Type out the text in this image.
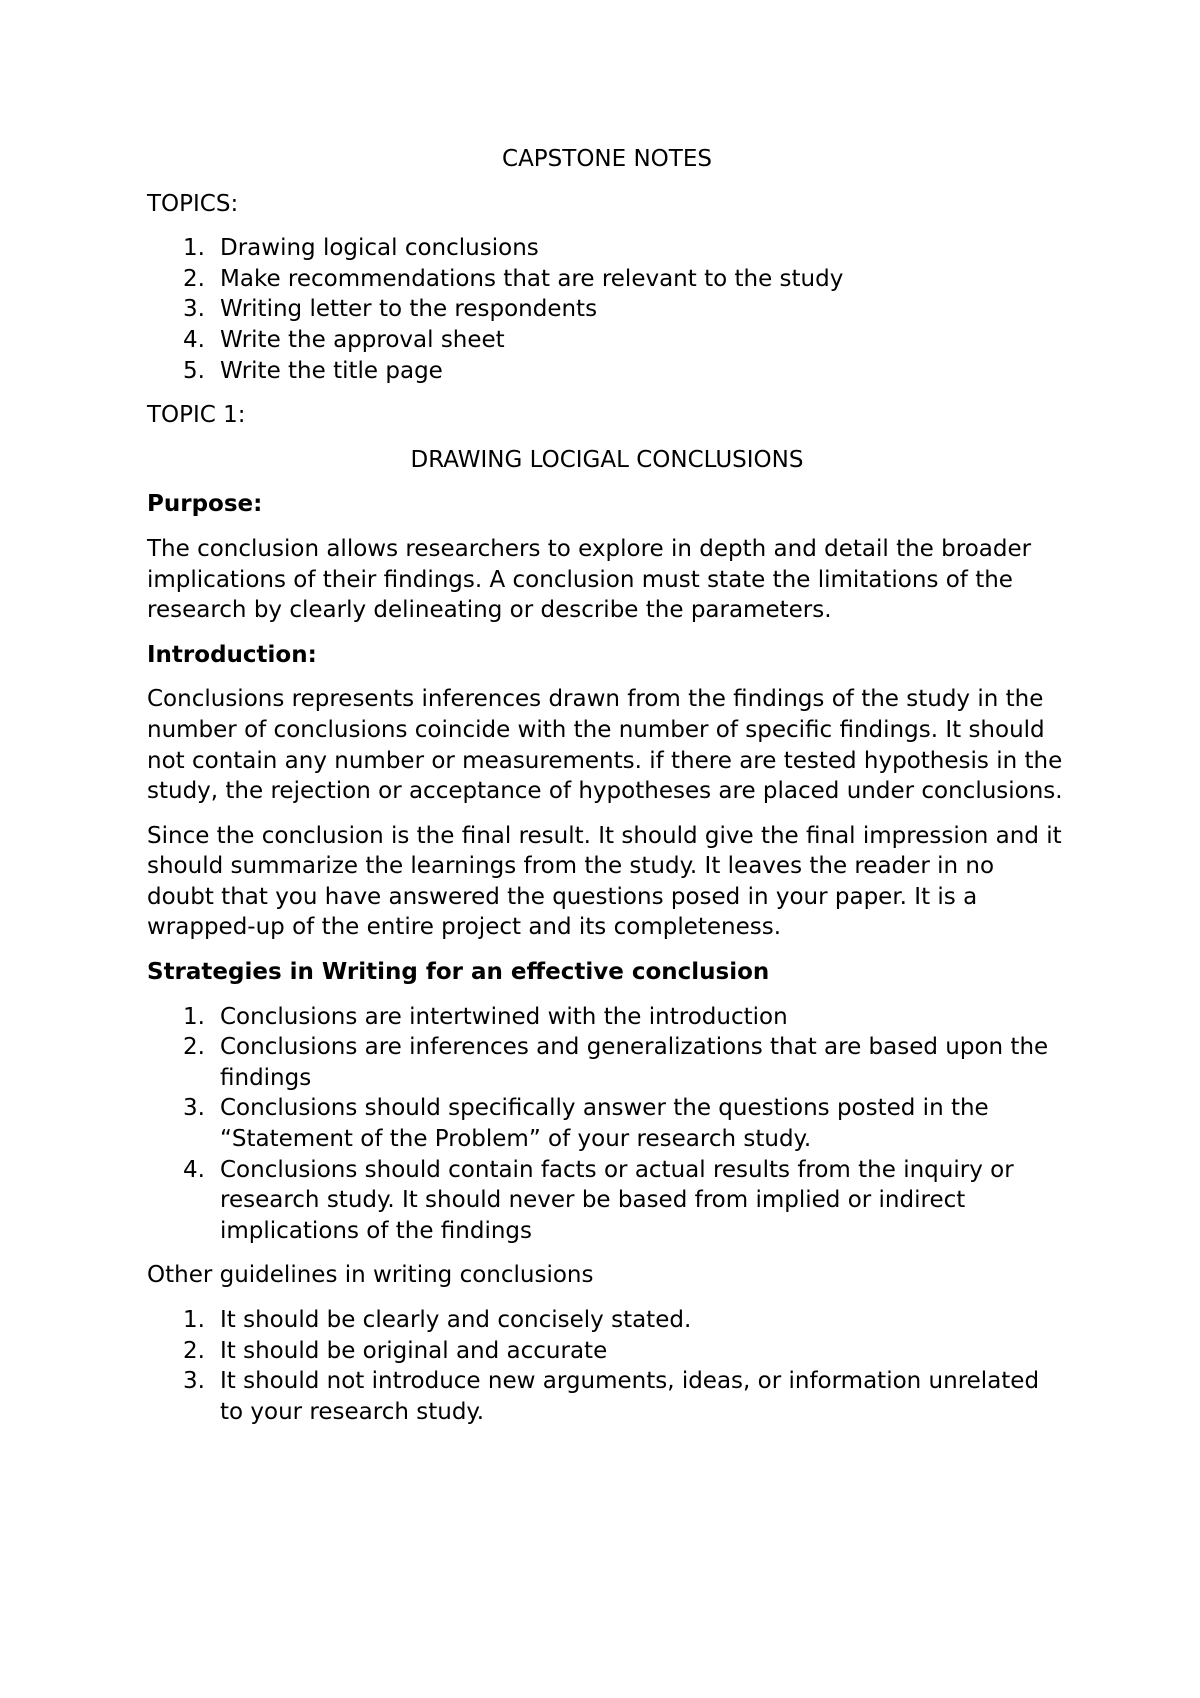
CAPSTONE NOTES

TOPICS:

1. Drawing logical conclusions
2. Make recommendations that are relevant to the study
3. Writing letter to the respondents
4. Write the approval sheet
5. Write the title page

TOPIC 1:

DRAWING LOCIGAL CONCLUSIONS

Purpose:

The conclusion allows researchers to explore in depth and detail the broader implications of their findings. A conclusion must state the limitations of the research by clearly delineating or describe the parameters.

Introduction:

Conclusions represents inferences drawn from the findings of the study in the number of conclusions coincide with the number of specific findings. It should not contain any number or measurements. if there are tested hypothesis in the study, the rejection or acceptance of hypotheses are placed under conclusions.

Since the conclusion is the final result. It should give the final impression and it should summarize the learnings from the study. It leaves the reader in no doubt that you have answered the questions posed in your paper. It is a wrapped-up of the entire project and its completeness.

Strategies in Writing for an effective conclusion

1. Conclusions are intertwined with the introduction
2. Conclusions are inferences and generalizations that are based upon the findings
3. Conclusions should specifically answer the questions posted in the “Statement of the Problem” of your research study.
4. Conclusions should contain facts or actual results from the inquiry or research study. It should never be based from implied or indirect implications of the findings

Other guidelines in writing conclusions

1. It should be clearly and concisely stated.
2. It should be original and accurate
3. It should not introduce new arguments, ideas, or information unrelated to your research study.
